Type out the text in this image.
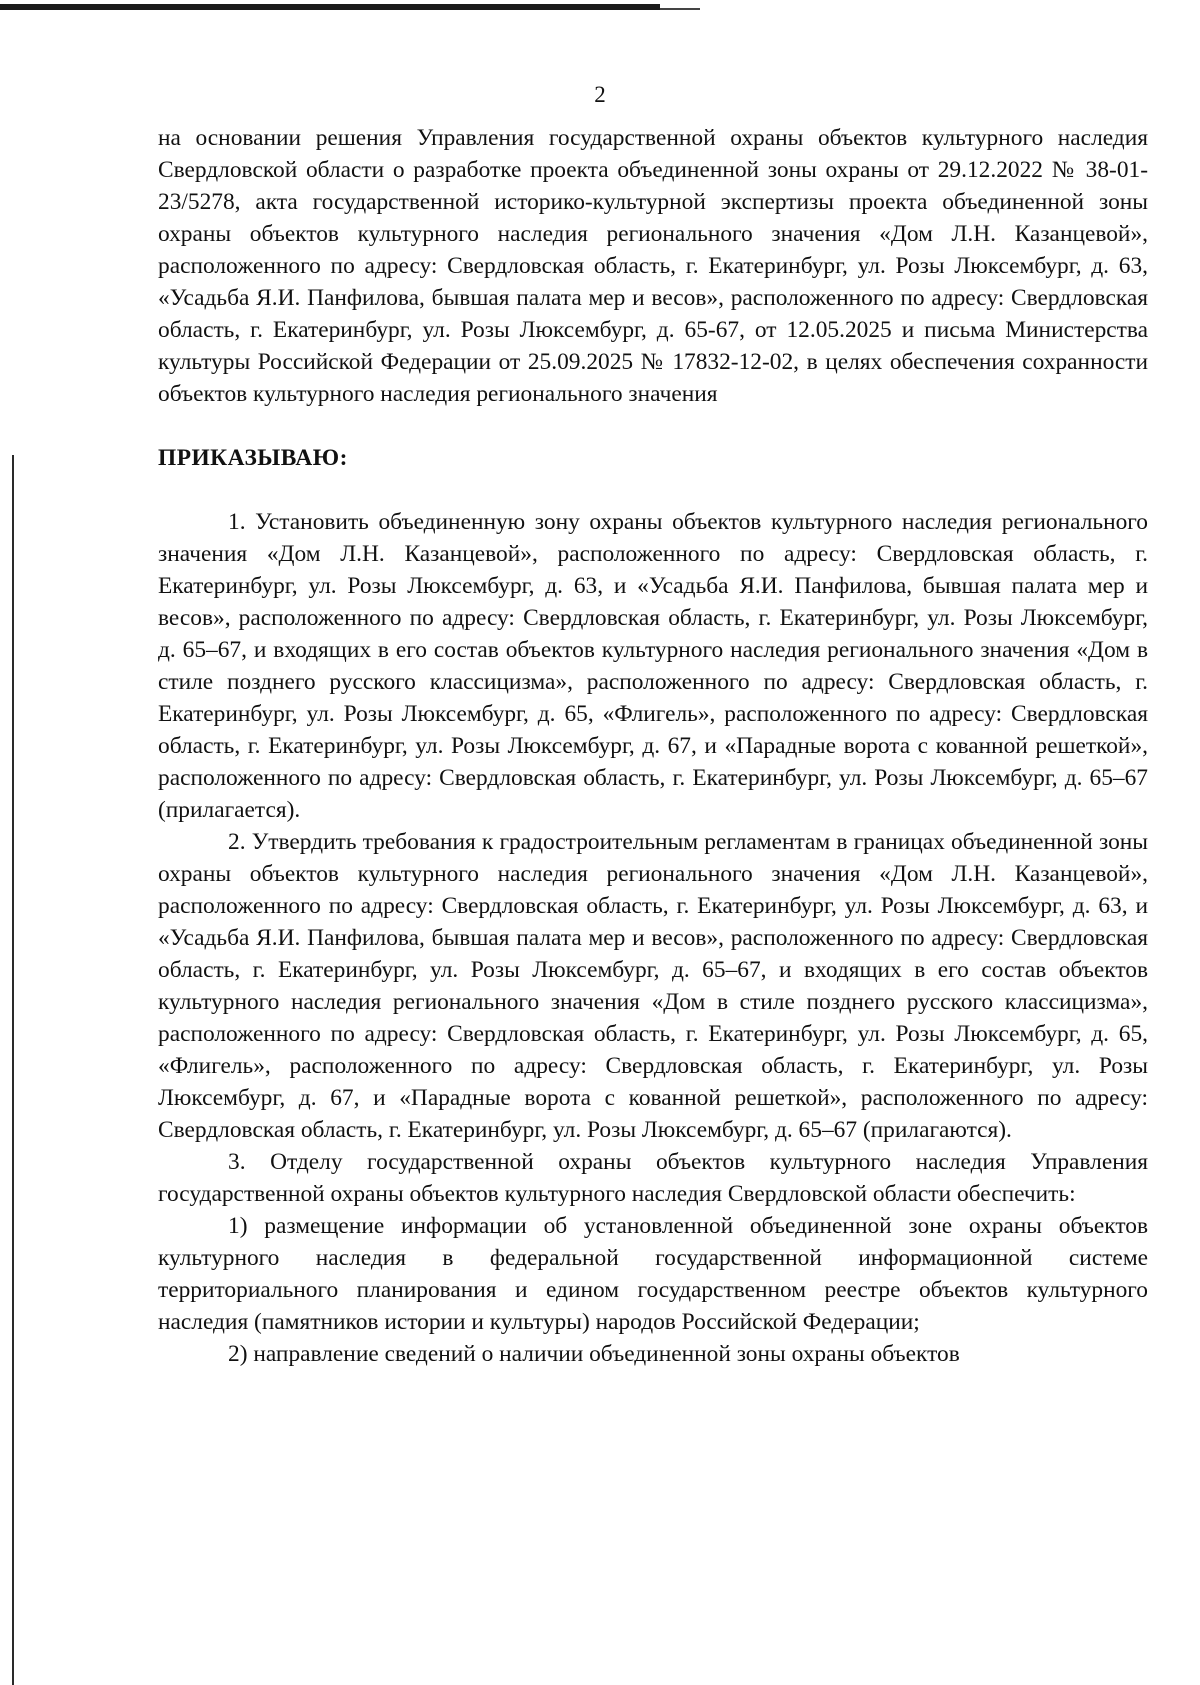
2

на основании решения Управления государственной охраны объектов культурного наследия Свердловской области о разработке проекта объединенной зоны охраны от 29.12.2022 № 38-01-23/5278, акта государственной историко-культурной экспертизы проекта объединенной зоны охраны объектов культурного наследия регионального значения «Дом Л.Н. Казанцевой», расположенного по адресу: Свердловская область, г. Екатеринбург, ул. Розы Люксембург, д. 63, «Усадьба Я.И. Панфилова, бывшая палата мер и весов», расположенного по адресу: Свердловская область, г. Екатеринбург, ул. Розы Люксембург, д. 65-67, от 12.05.2025 и письма Министерства культуры Российской Федерации от 25.09.2025 № 17832-12-02, в целях обеспечения сохранности объектов культурного наследия регионального значения

ПРИКАЗЫВАЮ:

1. Установить объединенную зону охраны объектов культурного наследия регионального значения «Дом Л.Н. Казанцевой», расположенного по адресу: Свердловская область, г. Екатеринбург, ул. Розы Люксембург, д. 63, и «Усадьба Я.И. Панфилова, бывшая палата мер и весов», расположенного по адресу: Свердловская область, г. Екатеринбург, ул. Розы Люксембург, д. 65–67, и входящих в его состав объектов культурного наследия регионального значения «Дом в стиле позднего русского классицизма», расположенного по адресу: Свердловская область, г. Екатеринбург, ул. Розы Люксембург, д. 65, «Флигель», расположенного по адресу: Свердловская область, г. Екатеринбург, ул. Розы Люксембург, д. 67, и «Парадные ворота с кованной решеткой», расположенного по адресу: Свердловская область, г. Екатеринбург, ул. Розы Люксембург, д. 65–67 (прилагается).

2. Утвердить требования к градостроительным регламентам в границах объединенной зоны охраны объектов культурного наследия регионального значения «Дом Л.Н. Казанцевой», расположенного по адресу: Свердловская область, г. Екатеринбург, ул. Розы Люксембург, д. 63, и «Усадьба Я.И. Панфилова, бывшая палата мер и весов», расположенного по адресу: Свердловская область, г. Екатеринбург, ул. Розы Люксембург, д. 65–67, и входящих в его состав объектов культурного наследия регионального значения «Дом в стиле позднего русского классицизма», расположенного по адресу: Свердловская область, г. Екатеринбург, ул. Розы Люксембург, д. 65, «Флигель», расположенного по адресу: Свердловская область, г. Екатеринбург, ул. Розы Люксембург, д. 67, и «Парадные ворота с кованной решеткой», расположенного по адресу: Свердловская область, г. Екатеринбург, ул. Розы Люксембург, д. 65–67 (прилагаются).

3. Отделу государственной охраны объектов культурного наследия Управления государственной охраны объектов культурного наследия Свердловской области обеспечить:

1) размещение информации об установленной объединенной зоне охраны объектов культурного наследия в федеральной государственной информационной системе территориального планирования и едином государственном реестре объектов культурного наследия (памятников истории и культуры) народов Российской Федерации;

2) направление сведений о наличии объединенной зоны охраны объектов
